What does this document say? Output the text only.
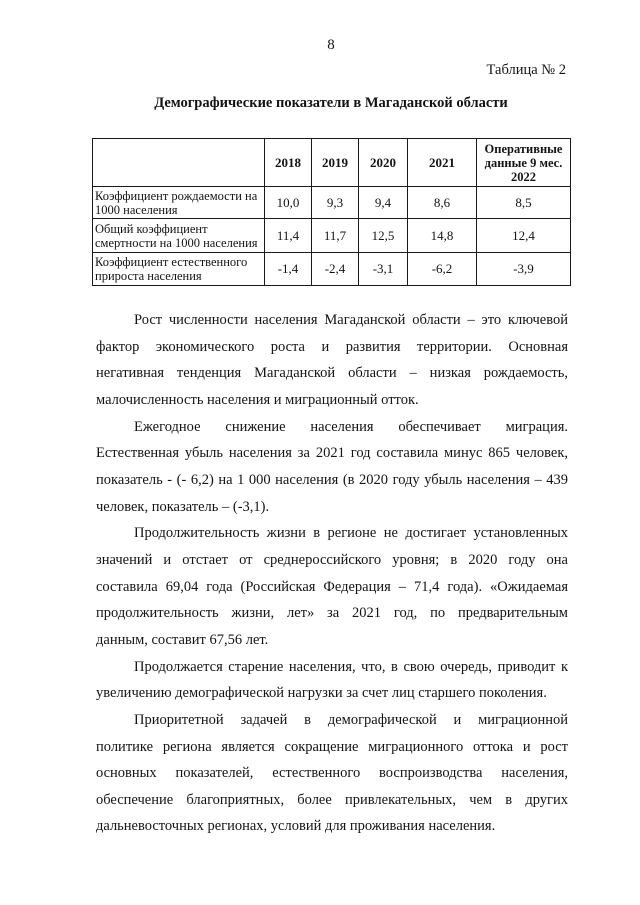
8
Таблица № 2
Демографические показатели в Магаданской области
	2018	2019	2020	2021	Оперативные
данные 9 мес.
2022

Коэффициент рождаемости на
1000 населения	10,0	9,3	9,4	8,6	8,5

Общий коэффициент
смертности на 1000 населения	11,4	11,7	12,5	14,8	12,4

Коэффициент естественного
прироста населения	-1,4	-2,4	-3,1	-6,2	-3,9
Рост численности населения Магаданской области – это ключевой
фактор экономического роста и развития территории. Основная
негативная тенденция Магаданской области – низкая рождаемость,
малочисленность населения и миграционный отток.
Ежегодное снижение населения обеспечивает миграция.
Естественная убыль населения за 2021 год составила минус 865 человек,
показатель - (- 6,2) на 1 000 населения (в 2020 году убыль населения – 439
человек, показатель – (-3,1).
Продолжительность жизни в регионе не достигает установленных
значений и отстает от среднероссийского уровня; в 2020 году она
составила 69,04 года (Российская Федерация – 71,4 года). «Ожидаемая
продолжительность жизни, лет» за 2021 год, по предварительным
данным, составит 67,56 лет.
Продолжается старение населения, что, в свою очередь, приводит к
увеличению демографической нагрузки за счет лиц старшего поколения.
Приоритетной задачей в демографической и миграционной
политике региона является сокращение миграционного оттока и рост
основных показателей, естественного воспроизводства населения,
обеспечение благоприятных, более привлекательных, чем в других
дальневосточных регионах, условий для проживания населения.
